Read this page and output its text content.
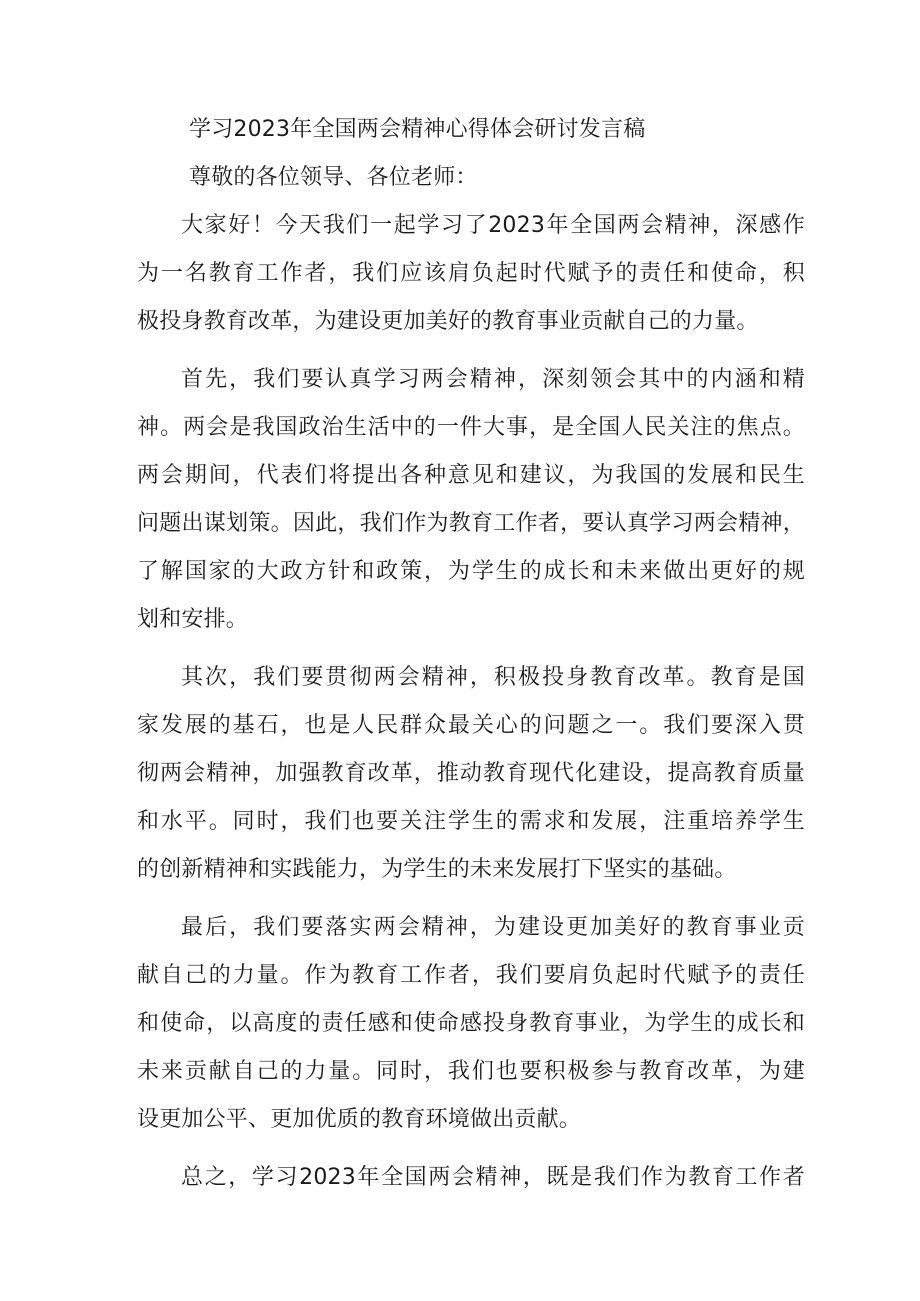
学习2023年全国两会精神心得体会研讨发言稿

尊敬的各位领导、各位老师：

大家好！今天我们一起学习了2023年全国两会精神，深感作

为一名教育工作者，我们应该肩负起时代赋予的责任和使命，积

极投身教育改革，为建设更加美好的教育事业贡献自己的力量。

首先，我们要认真学习两会精神，深刻领会其中的内涵和精

神。两会是我国政治生活中的一件大事，是全国人民关注的焦点。

两会期间，代表们将提出各种意见和建议，为我国的发展和民生

问题出谋划策。因此，我们作为教育工作者，要认真学习两会精神，

了解国家的大政方针和政策，为学生的成长和未来做出更好的规

划和安排。

其次，我们要贯彻两会精神，积极投身教育改革。教育是国

家发展的基石，也是人民群众最关心的问题之一。我们要深入贯

彻两会精神，加强教育改革，推动教育现代化建设，提高教育质量

和水平。同时，我们也要关注学生的需求和发展，注重培养学生

的创新精神和实践能力，为学生的未来发展打下坚实的基础。

最后，我们要落实两会精神，为建设更加美好的教育事业贡

献自己的力量。作为教育工作者，我们要肩负起时代赋予的责任

和使命，以高度的责任感和使命感投身教育事业，为学生的成长和

未来贡献自己的力量。同时，我们也要积极参与教育改革，为建

设更加公平、更加优质的教育环境做出贡献。

总之，学习2023年全国两会精神，既是我们作为教育工作者
